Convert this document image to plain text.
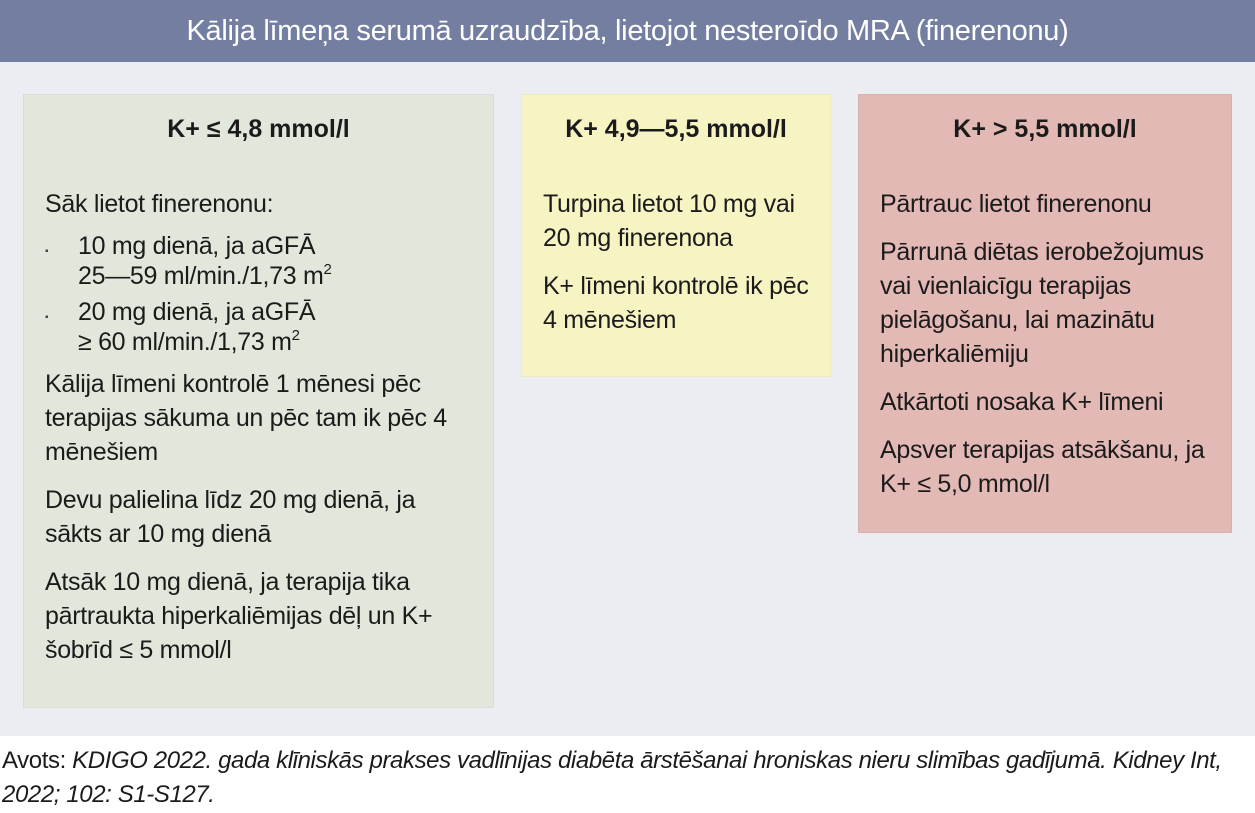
Kālija līmeņa serumā uzraudzība, lietojot nesteroīdo MRA (finerenonu)
K+ ≤ 4,8 mmol/l

Sāk lietot finerenonu:

▪ 10 mg dienā, ja aGFĀ
25—59 ml/min./1,73 $m^2$
▪ 20 mg dienā, ja aGFĀ
≥ 60 ml/min./1,73 $m^2$

Kālija līmeni kontrolē 1 mēnesi pēc terapijas sākuma un pēc tam ik pēc 4 mēnešiem

Devu palielina līdz 20 mg dienā, ja sākts ar 10 mg dienā

Atsāk 10 mg dienā, ja terapija tika pārtraukta hiperkaliēmijas dēļ un K+ šobrīd ≤ 5 mmol/l

K+ 4,9—5,5 mmol/l

Turpina lietot 10 mg vai 20 mg finerenona

K+ līmeni kontrolē ik pēc 4 mēnešiem

K+ > 5,5 mmol/l

Pārtrauc lietot finerenonu

Pārrunā diētas ierobežojumus vai vienlaicīgu terapijas pielāgošanu, lai mazinātu hiperkaliēmiju

Atkārtoti nosaka K+ līmeni

Apsver terapijas atsākšanu, ja K+ ≤ 5,0 mmol/l

Avots: KDIGO 2022. gada klīniskās prakses vadlīnijas diabēta ārstēšanai hroniskas nieru slimības gadījumā. Kidney Int, 2022; 102: S1-S127.
